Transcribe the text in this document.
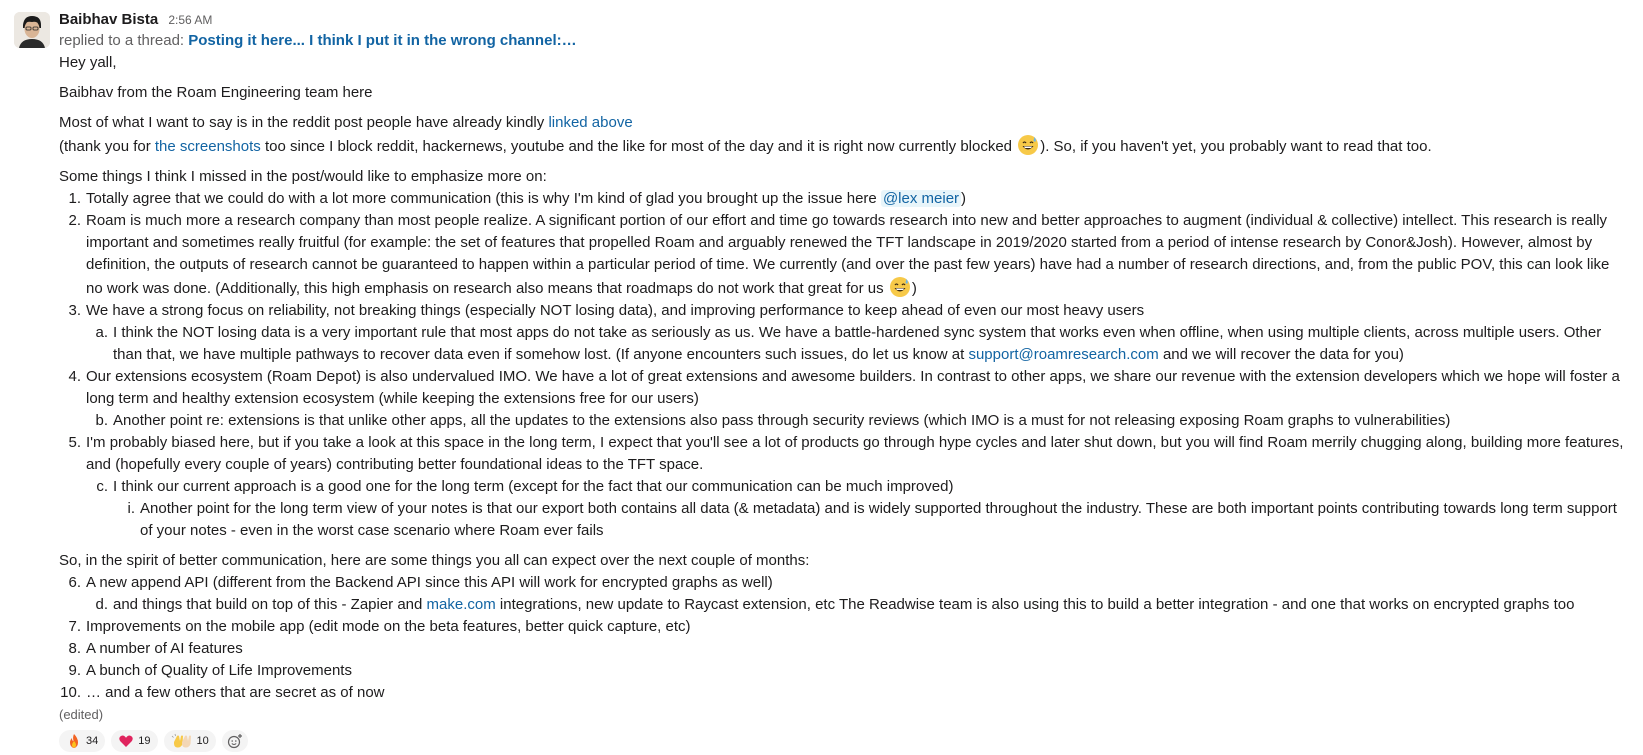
Baibhav Bista 2:56 AM
replied to a thread: Posting it here... I think I put it in the wrong channel:…

Hey yall,

Baibhav from the Roam Engineering team here

Most of what I want to say is in the reddit post people have already kindly linked above
(thank you for the screenshots too since I block reddit, hackernews, youtube and the like for most of the day and it is right now currently blocked ). So, if you haven't yet, you probably want to read that too.

Some things I think I missed in the post/would like to emphasize more on:

1. Totally agree that we could do with a lot more communication (this is why I'm kind of glad you brought up the issue here @lex meier )
2. Roam is much more a research company than most people realize. A significant portion of our effort and time go towards research into new and better approaches to augment (individual & collective) intellect. This research is really important and sometimes really fruitful (for example: the set of features that propelled Roam and arguably renewed the TFT landscape in 2019/2020 started from a period of intense research by Conor&Josh). However, almost by definition, the outputs of research cannot be guaranteed to happen within a particular period of time. We currently (and over the past few years) have had a number of research directions, and, from the public POV, this can look like no work was done. (Additionally, this high emphasis on research also means that roadmaps do not work that great for us )
3. We have a strong focus on reliability, not breaking things (especially NOT losing data), and improving performance to keep ahead of even our most heavy users
a. I think the NOT losing data is a very important rule that most apps do not take as seriously as us. We have a battle-hardened sync system that works even when offline, when using multiple clients, across multiple users. Other than that, we have multiple pathways to recover data even if somehow lost. (If anyone encounters such issues, do let us know at support@roamresearch.com and we will recover the data for you)
4. Our extensions ecosystem (Roam Depot) is also undervalued IMO. We have a lot of great extensions and awesome builders. In contrast to other apps, we share our revenue with the extension developers which we hope will foster a long term and healthy extension ecosystem (while keeping the extensions free for our users)
b. Another point re: extensions is that unlike other apps, all the updates to the extensions also pass through security reviews (which IMO is a must for not releasing exposing Roam graphs to vulnerabilities)
5. I'm probably biased here, but if you take a look at this space in the long term, I expect that you'll see a lot of products go through hype cycles and later shut down, but you will find Roam merrily chugging along, building more features, and (hopefully every couple of years) contributing better foundational ideas to the TFT space.
c. I think our current approach is a good one for the long term (except for the fact that our communication can be much improved)
i. Another point for the long term view of your notes is that our export both contains all data (& metadata) and is widely supported throughout the industry. These are both important points contributing towards long term support of your notes - even in the worst case scenario where Roam ever fails

So, in the spirit of better communication, here are some things you all can expect over the next couple of months:

6. A new append API (different from the Backend API since this API will work for encrypted graphs as well)
d. and things that build on top of this - Zapier and make.com integrations, new update to Raycast extension, etc The Readwise team is also using this to build a better integration - and one that works on encrypted graphs too
7. Improvements on the mobile app (edit mode on the beta features, better quick capture, etc)
8. A number of AI features
9. A bunch of Quality of Life Improvements
10. … and a few others that are secret as of now
(edited)
34	19	10
